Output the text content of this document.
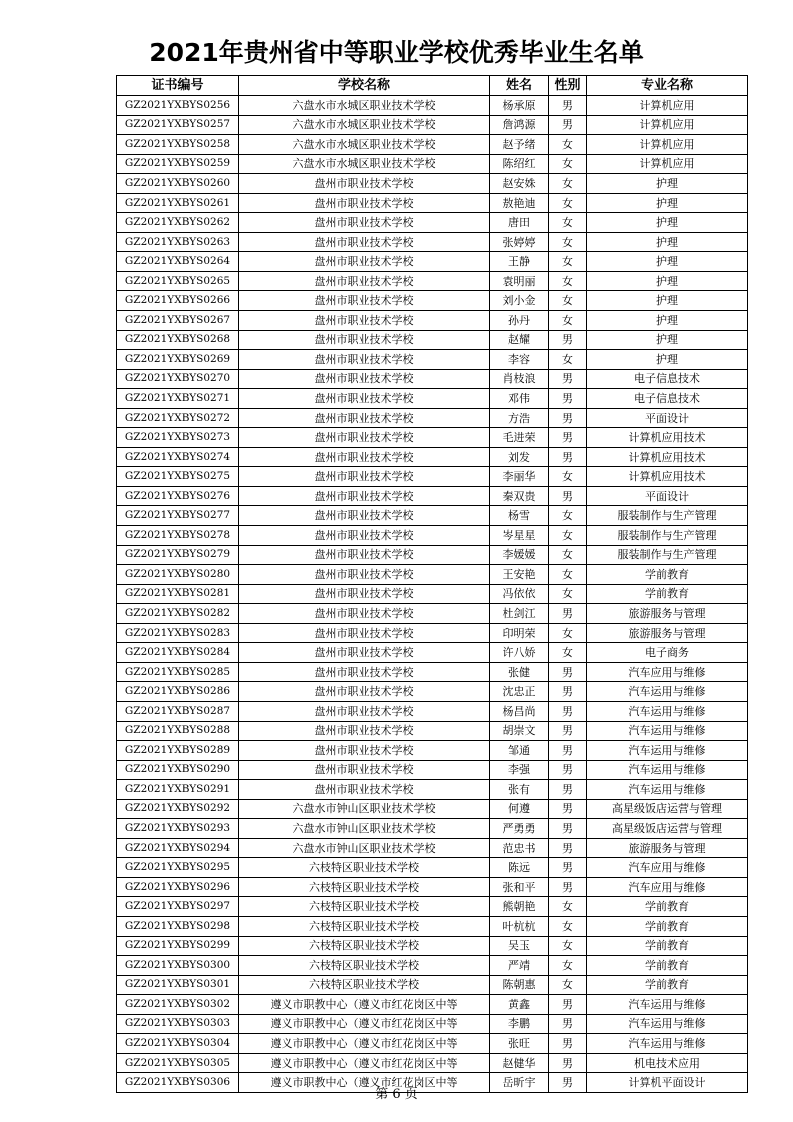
2021年贵州省中等职业学校优秀毕业生名单
证书编号	学校名称	姓名	性别	专业名称
GZ2021YXBYS0256	六盘水市水城区职业技术学校	杨承原	男	计算机应用
GZ2021YXBYS0257	六盘水市水城区职业技术学校	詹鸿源	男	计算机应用
GZ2021YXBYS0258	六盘水市水城区职业技术学校	赵予绪	女	计算机应用
GZ2021YXBYS0259	六盘水市水城区职业技术学校	陈绍红	女	计算机应用
GZ2021YXBYS0260	盘州市职业技术学校	赵安姝	女	护理
GZ2021YXBYS0261	盘州市职业技术学校	敖艳迪	女	护理
GZ2021YXBYS0262	盘州市职业技术学校	唐田	女	护理
GZ2021YXBYS0263	盘州市职业技术学校	张婷婷	女	护理
GZ2021YXBYS0264	盘州市职业技术学校	王静	女	护理
GZ2021YXBYS0265	盘州市职业技术学校	袁明丽	女	护理
GZ2021YXBYS0266	盘州市职业技术学校	刘小金	女	护理
GZ2021YXBYS0267	盘州市职业技术学校	孙丹	女	护理
GZ2021YXBYS0268	盘州市职业技术学校	赵耀	男	护理
GZ2021YXBYS0269	盘州市职业技术学校	李容	女	护理
GZ2021YXBYS0270	盘州市职业技术学校	肖枝浪	男	电子信息技术
GZ2021YXBYS0271	盘州市职业技术学校	邓伟	男	电子信息技术
GZ2021YXBYS0272	盘州市职业技术学校	方浩	男	平面设计
GZ2021YXBYS0273	盘州市职业技术学校	毛进荣	男	计算机应用技术
GZ2021YXBYS0274	盘州市职业技术学校	刘发	男	计算机应用技术
GZ2021YXBYS0275	盘州市职业技术学校	李丽华	女	计算机应用技术
GZ2021YXBYS0276	盘州市职业技术学校	秦双贵	男	平面设计
GZ2021YXBYS0277	盘州市职业技术学校	杨雪	女	服装制作与生产管理
GZ2021YXBYS0278	盘州市职业技术学校	岑星星	女	服装制作与生产管理
GZ2021YXBYS0279	盘州市职业技术学校	李媛媛	女	服装制作与生产管理
GZ2021YXBYS0280	盘州市职业技术学校	王安艳	女	学前教育
GZ2021YXBYS0281	盘州市职业技术学校	冯依依	女	学前教育
GZ2021YXBYS0282	盘州市职业技术学校	杜剑江	男	旅游服务与管理
GZ2021YXBYS0283	盘州市职业技术学校	印明荣	女	旅游服务与管理
GZ2021YXBYS0284	盘州市职业技术学校	许八娇	女	电子商务
GZ2021YXBYS0285	盘州市职业技术学校	张健	男	汽车应用与维修
GZ2021YXBYS0286	盘州市职业技术学校	沈忠正	男	汽车运用与维修
GZ2021YXBYS0287	盘州市职业技术学校	杨昌尚	男	汽车运用与维修
GZ2021YXBYS0288	盘州市职业技术学校	胡崇文	男	汽车运用与维修
GZ2021YXBYS0289	盘州市职业技术学校	邹通	男	汽车运用与维修
GZ2021YXBYS0290	盘州市职业技术学校	李强	男	汽车运用与维修
GZ2021YXBYS0291	盘州市职业技术学校	张有	男	汽车运用与维修
GZ2021YXBYS0292	六盘水市钟山区职业技术学校	何遵	男	高星级饭店运营与管理
GZ2021YXBYS0293	六盘水市钟山区职业技术学校	严勇勇	男	高星级饭店运营与管理
GZ2021YXBYS0294	六盘水市钟山区职业技术学校	范忠书	男	旅游服务与管理
GZ2021YXBYS0295	六枝特区职业技术学校	陈远	男	汽车应用与维修
GZ2021YXBYS0296	六枝特区职业技术学校	张和平	男	汽车应用与维修
GZ2021YXBYS0297	六枝特区职业技术学校	熊朝艳	女	学前教育
GZ2021YXBYS0298	六枝特区职业技术学校	叶杭杭	女	学前教育
GZ2021YXBYS0299	六枝特区职业技术学校	吴玉	女	学前教育
GZ2021YXBYS0300	六枝特区职业技术学校	严靖	女	学前教育
GZ2021YXBYS0301	六枝特区职业技术学校	陈朝惠	女	学前教育
GZ2021YXBYS0302	遵义市职教中心（遵义市红花岗区中等	黄鑫	男	汽车运用与维修
GZ2021YXBYS0303	遵义市职教中心（遵义市红花岗区中等	李鹏	男	汽车运用与维修
GZ2021YXBYS0304	遵义市职教中心（遵义市红花岗区中等	张旺	男	汽车运用与维修
GZ2021YXBYS0305	遵义市职教中心（遵义市红花岗区中等	赵健华	男	机电技术应用
GZ2021YXBYS0306	遵义市职教中心（遵义市红花岗区中等	岳昕宇	男	计算机平面设计
第 6 页
